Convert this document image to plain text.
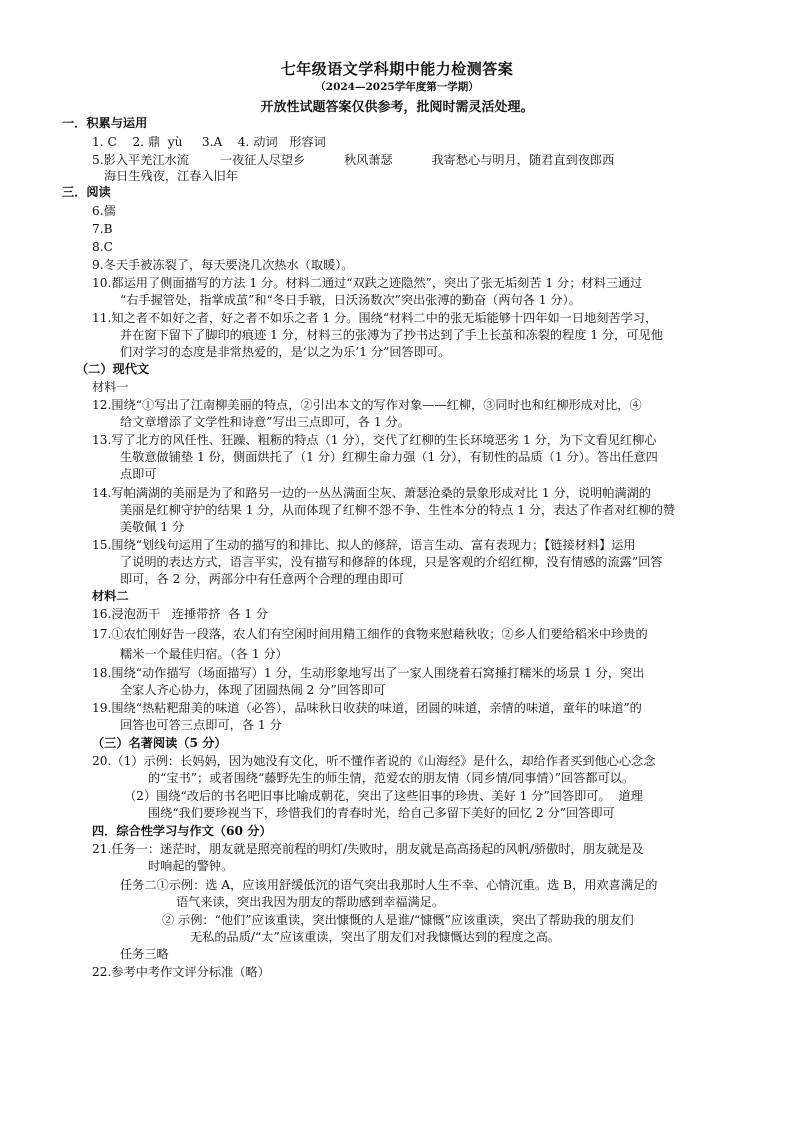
七年级语文学科期中能力检测答案
（2024—2025学年度第一学期）
开放性试题答案仅供参考，批阅时需灵活处理。
一．积累与运用
1. C    2. 鼎  yù     3.A    4. 动词   形容词
5.影入平羌江水流        一夜征人尽望乡          秋风萧瑟          我寄愁心与明月，随君直到夜郎西
海日生残夜，江春入旧年
三．阅读
6.儒
7.B
8.C
9.冬天手被冻裂了，每天要浇几次热水（取暖）。
10.都运用了侧面描写的方法 1 分。材料二通过“双趺之迹隐然”，突出了张无垢刻苦 1 分；材料三通过
“右手握管处，指掌成茧”和“冬日手皲，日沃汤数次”突出张溥的勤奋（两句各 1 分）。
11.知之者不如好之者，好之者不如乐之者 1 分。围绕“材料二中的张无垢能够十四年如一日地刻苦学习，
并在窗下留下了脚印的痕迹 1 分，材料三的张溥为了抄书达到了手上长茧和冻裂的程度 1 分，可见他
们对学习的态度是非常热爱的，是‘以之为乐’1 分”回答即可。
（二）现代文
材料一
12.围绕“①写出了江南柳美丽的特点，②引出本文的写作对象——红柳，③同时也和红柳形成对比，④
给文章增添了文学性和诗意”写出三点即可，各 1 分。
13.写了北方的风任性、狂躁、粗粝的特点（1 分），交代了红柳的生长环境恶劣 1 分，为下文看见红柳心
生敬意做铺垫 1 份，侧面烘托了（1 分）红柳生命力强（1 分），有韧性的品质（1 分）。答出任意四
点即可
14.写帕满湖的美丽是为了和路另一边的一丛丛满面尘灰、萧瑟沧桑的景象形成对比 1 分，说明帕满湖的
美丽是红柳守护的结果 1 分，从而体现了红柳不怨不争、生性本分的特点 1 分，表达了作者对红柳的赞
美敬佩 1 分
15.围绕“划线句运用了生动的描写的和排比、拟人的修辞，语言生动、富有表现力；【链接材料】运用
了说明的表达方式，语言平实，没有描写和修辞的体现，只是客观的介绍红柳，没有情感的流露”回答
即可，各 2 分，两部分中有任意两个合理的理由即可
材料二
16.浸泡沥干   连捶带挤  各 1 分
17.①农忙刚好告一段落，农人们有空闲时间用精工细作的食物来慰藉秋收；②乡人们要给稻米中珍贵的
糯米一个最佳归宿。（各 1 分）
18.围绕“动作描写（场面描写）1 分，生动形象地写出了一家人围绕着石窝捶打糯米的场景 1 分，突出
全家人齐心协力，体现了团圆热闹 2 分”回答即可
19.围绕“热粘粑甜美的味道（必答），品味秋日收获的味道，团圆的味道，亲情的味道，童年的味道”的
回答也可答三点即可，各 1 分
（三）名著阅读（5 分）
20.（1）示例：长妈妈，因为她没有文化，听不懂作者说的《山海经》是什么，却给作者买到他心心念念
的“宝书”；或者围绕“藤野先生的师生情，范爱农的朋友情（同乡情/同事情）”回答都可以。
（2）围绕“改后的书名吧旧事比喻成朝花，突出了这些旧事的珍贵、美好 1 分”回答即可。  道理
围绕“我们要珍视当下，珍惜我们的青春时光，给自己多留下美好的回忆 2 分”回答即可
四．综合性学习与作文（60 分）
21.任务一：迷茫时，朋友就是照亮前程的明灯/失败时，朋友就是高高扬起的风帆/骄傲时，朋友就是及
时响起的警钟。
任务二①示例：选 A，应该用舒缓低沉的语气突出我那时人生不幸、心情沉重。选 B，用欢喜满足的
语气来读，突出我因为朋友的帮助感到幸福满足。
② 示例：“他们”应该重读，突出慷慨的人是谁/“慷慨”应该重读，突出了帮助我的朋友们
无私的品质/“太”应该重读，突出了朋友们对我慷慨达到的程度之高。
任务三略
22.参考中考作文评分标准（略）
